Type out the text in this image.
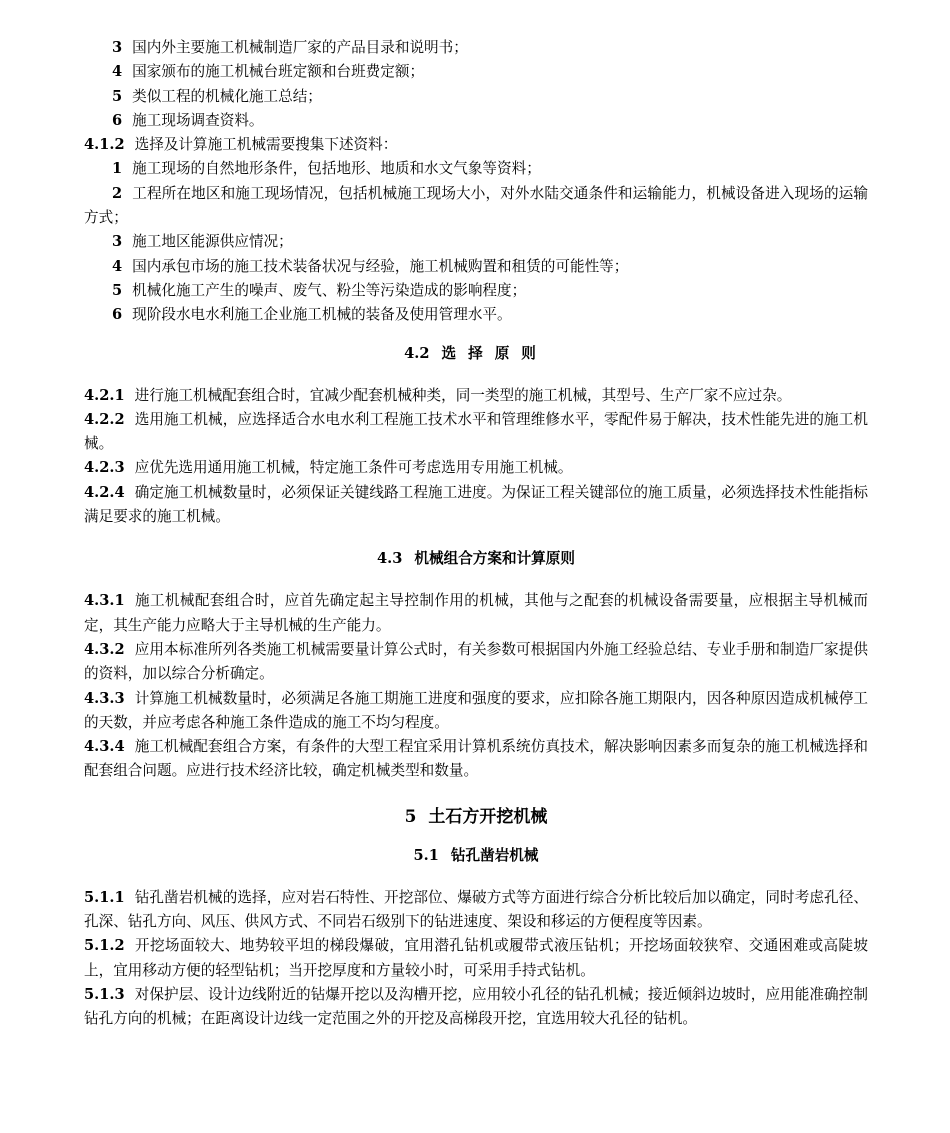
3 国内外主要施工机械制造厂家的产品目录和说明书；

4 国家颁布的施工机械台班定额和台班费定额；

5 类似工程的机械化施工总结；

6 施工现场调查资料。

4.1.2 选择及计算施工机械需要搜集下述资料：

1 施工现场的自然地形条件，包括地形、地质和水文气象等资料；

2 工程所在地区和施工现场情况，包括机械施工现场大小，对外水陆交通条件和运输能力，机械设备进入现场的运输方式；

3 施工地区能源供应情况；

4 国内承包市场的施工技术装备状况与经验，施工机械购置和租赁的可能性等；

5 机械化施工产生的噪声、废气、粉尘等污染造成的影响程度；

6 现阶段水电水利施工企业施工机械的装备及使用管理水平。

4.2 选择原则

4.2.1 进行施工机械配套组合时，宜减少配套机械种类，同一类型的施工机械，其型号、生产厂家不应过杂。

4.2.2 选用施工机械，应选择适合水电水利工程施工技术水平和管理维修水平，零配件易于解决，技术性能先进的施工机械。

4.2.3 应优先选用通用施工机械，特定施工条件可考虑选用专用施工机械。

4.2.4 确定施工机械数量时，必须保证关键线路工程施工进度。为保证工程关键部位的施工质量，必须选择技术性能指标满足要求的施工机械。

4.3 机械组合方案和计算原则

4.3.1 施工机械配套组合时，应首先确定起主导控制作用的机械，其他与之配套的机械设备需要量，应根据主导机械而定，其生产能力应略大于主导机械的生产能力。

4.3.2 应用本标准所列各类施工机械需要量计算公式时，有关参数可根据国内外施工经验总结、专业手册和制造厂家提供的资料，加以综合分析确定。

4.3.3 计算施工机械数量时，必须满足各施工期施工进度和强度的要求，应扣除各施工期限内，因各种原因造成机械停工的天数，并应考虑各种施工条件造成的施工不均匀程度。

4.3.4 施工机械配套组合方案，有条件的大型工程宜采用计算机系统仿真技术，解决影响因素多而复杂的施工机械选择和配套组合问题。应进行技术经济比较，确定机械类型和数量。

5 土石方开挖机械

5.1 钻孔凿岩机械

5.1.1 钻孔凿岩机械的选择，应对岩石特性、开挖部位、爆破方式等方面进行综合分析比较后加以确定，同时考虑孔径、孔深、钻孔方向、风压、供风方式、不同岩石级别下的钻进速度、架设和移运的方便程度等因素。

5.1.2 开挖场面较大、地势较平坦的梯段爆破，宜用潜孔钻机或履带式液压钻机；开挖场面较狭窄、交通困难或高陡坡上，宜用移动方便的轻型钻机；当开挖厚度和方量较小时，可采用手持式钻机。

5.1.3 对保护层、设计边线附近的钻爆开挖以及沟槽开挖，应用较小孔径的钻孔机械；接近倾斜边坡时，应用能准确控制钻孔方向的机械；在距离设计边线一定范围之外的开挖及高梯段开挖，宜选用较大孔径的钻机。
